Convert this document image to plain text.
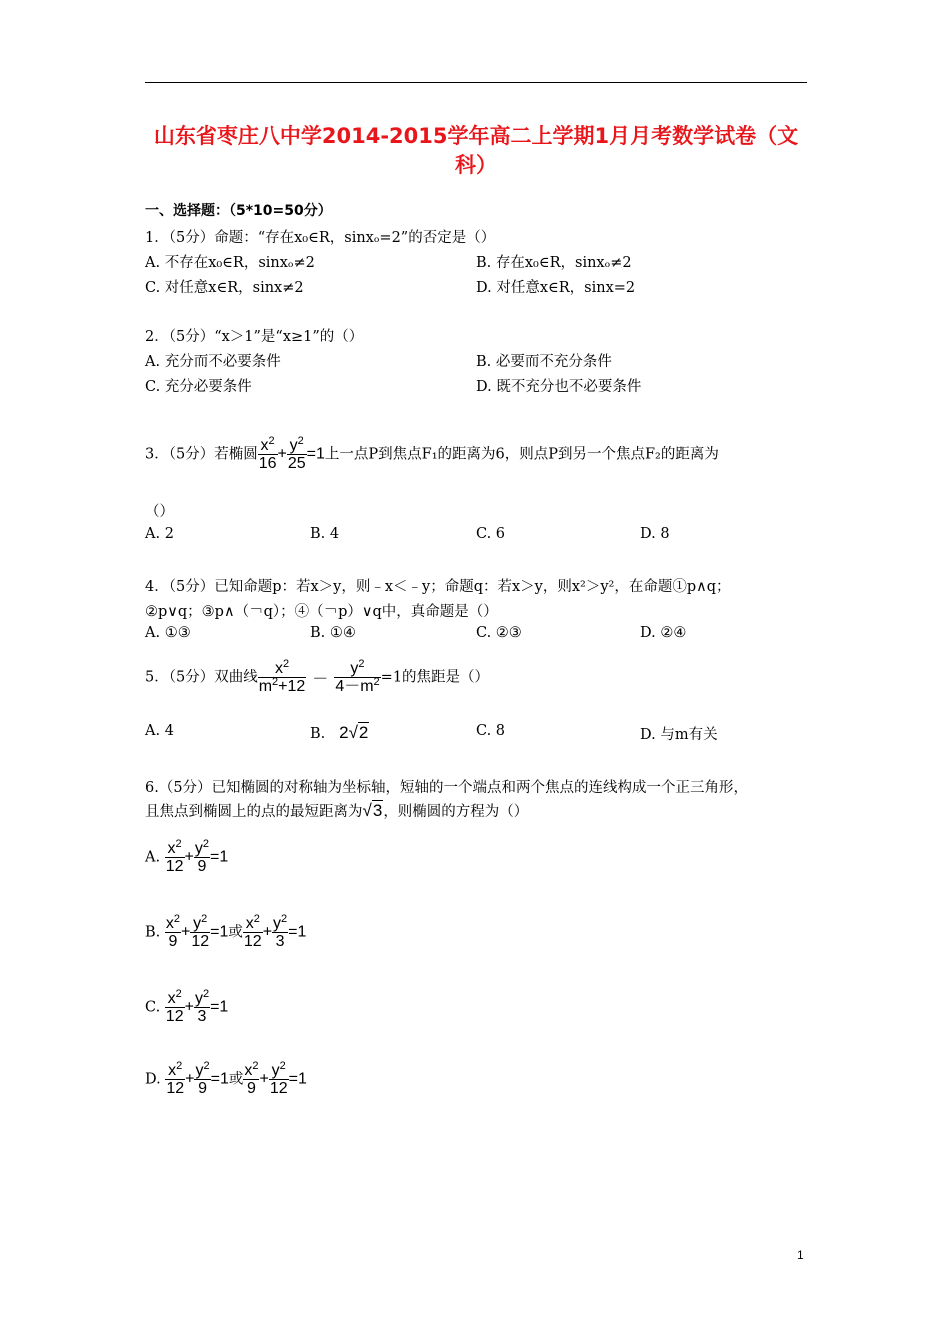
山东省枣庄八中学2014-2015学年高二上学期1月月考数学试卷（文
科）
一、选择题：（5*10=50分）
1．（5分）命题：“存在x₀∈R，sinxₒ=2”的否定是（）
A. 不存在x₀∈R，sinxₒ≠2	B. 存在x₀∈R，sinxₒ≠2
C. 对任意x∈R，sinx≠2	D. 对任意x∈R，sinx=2
2．（5分）“x＞1”是“x≥1”的（）
A. 充分而不必要条件	B. 必要而不充分条件
C. 充分必要条件	D. 既不充分也不必要条件
3．（5分）若椭圆 $\frac{x^2}{16} + \frac{y^2}{25} =1$上一点P到焦点F₁的距离为6，则点P到另一个焦点F₂的距离为
（）
A. 2	B. 4	C. 6	D. 8
4．（5分）已知命题p：若x＞y，则﹣x＜﹣y；命题q：若x＞y，则x²＞y²，在命题①p∧q；
②p∨q；③p∧（￢q）；④（￢p）∨q中，真命题是（）
A. ①③	B. ①④	C. ②③	D. ②④
5．（5分）双曲线 $\frac{x^2}{m^2+12} - \frac{y^2}{4-m^2} =1$的焦距是（）
A. 4	B. 2√2	C. 8	D. 与m有关
6.（5分）已知椭圆的对称轴为坐标轴，短轴的一个端点和两个焦点的连线构成一个正三角形，
且焦点到椭圆上的点的最短距离为√3，则椭圆的方程为（）
A. $\frac{x^2}{12} + \frac{y^2}{9} =1$
B. $\frac{x^2}{9} + \frac{y^2}{12} =1$或 $\frac{x^2}{12} + \frac{y^2}{3} =1$
C. $\frac{x^2}{12} + \frac{y^2}{3} =1$
D. $\frac{x^2}{12} + \frac{y^2}{9} =1$或 $\frac{x^2}{9} + \frac{y^2}{12} =1$
1
